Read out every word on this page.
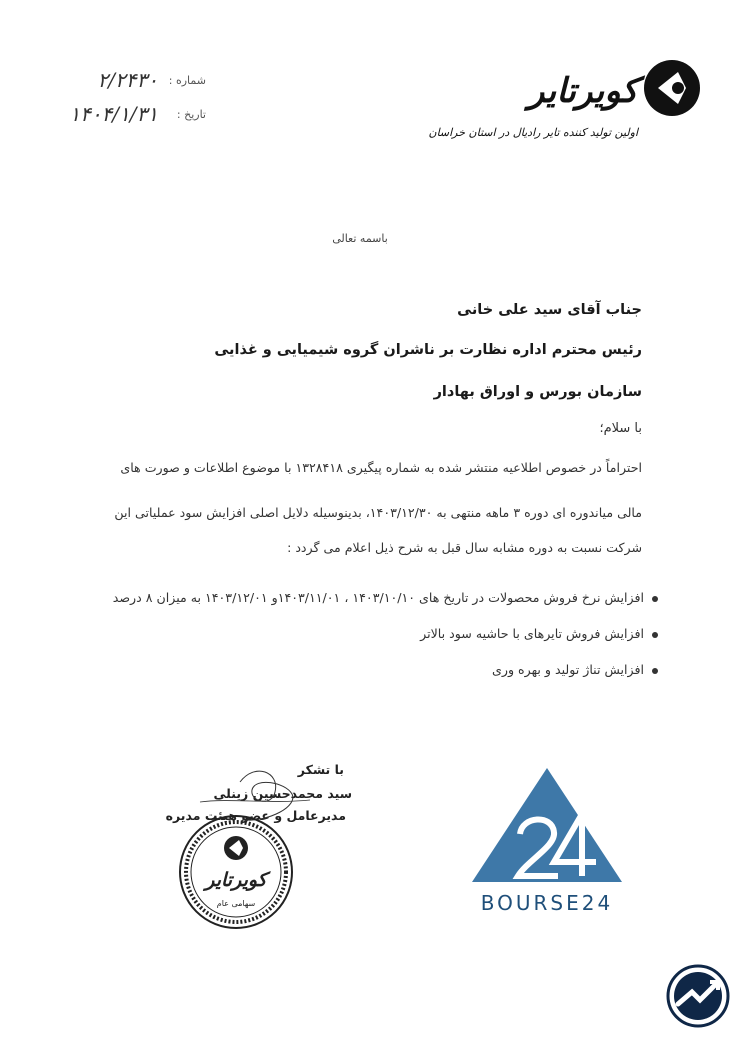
کویرتایر
اولین تولید کننده تایر رادیال در استان خراسان
شماره :
۲/۲۴۳۰
تاریخ :
۱۴۰۴/۱/۳۱
باسمه تعالی
جناب آقای سید علی خانی
رئیس محترم اداره نظارت بر ناشران گروه شیمیایی و غذایی
سازمان بورس و اوراق بهادار
با سلام؛
احتراماً در خصوص اطلاعیه منتشر شده به شماره پیگیری ۱۳۲۸۴۱۸ با موضوع اطلاعات و صورت های
مالی میاندوره ای دوره ۳ ماهه منتهی به ۱۴۰۳/۱۲/۳۰، بدینوسیله دلایل اصلی افزایش سود عملیاتی این
شرکت نسبت به دوره مشابه سال قبل به شرح ذیل اعلام می گردد :
افزایش نرخ فروش محصولات در تاریخ های ۱۴۰۳/۱۰/۱۰ ، ۱۴۰۳/۱۱/۰۱و ۱۴۰۳/۱۲/۰۱ به میزان ۸ درصد
افزایش فروش تایرهای با حاشیه سود بالاتر
افزایش تناژ تولید و بهره وری
با تشکر
سید محمدحسین زینلی
مدیرعامل و عضو هیئت مدیره
کویرتایر
سهامی عام	BOURSE24
